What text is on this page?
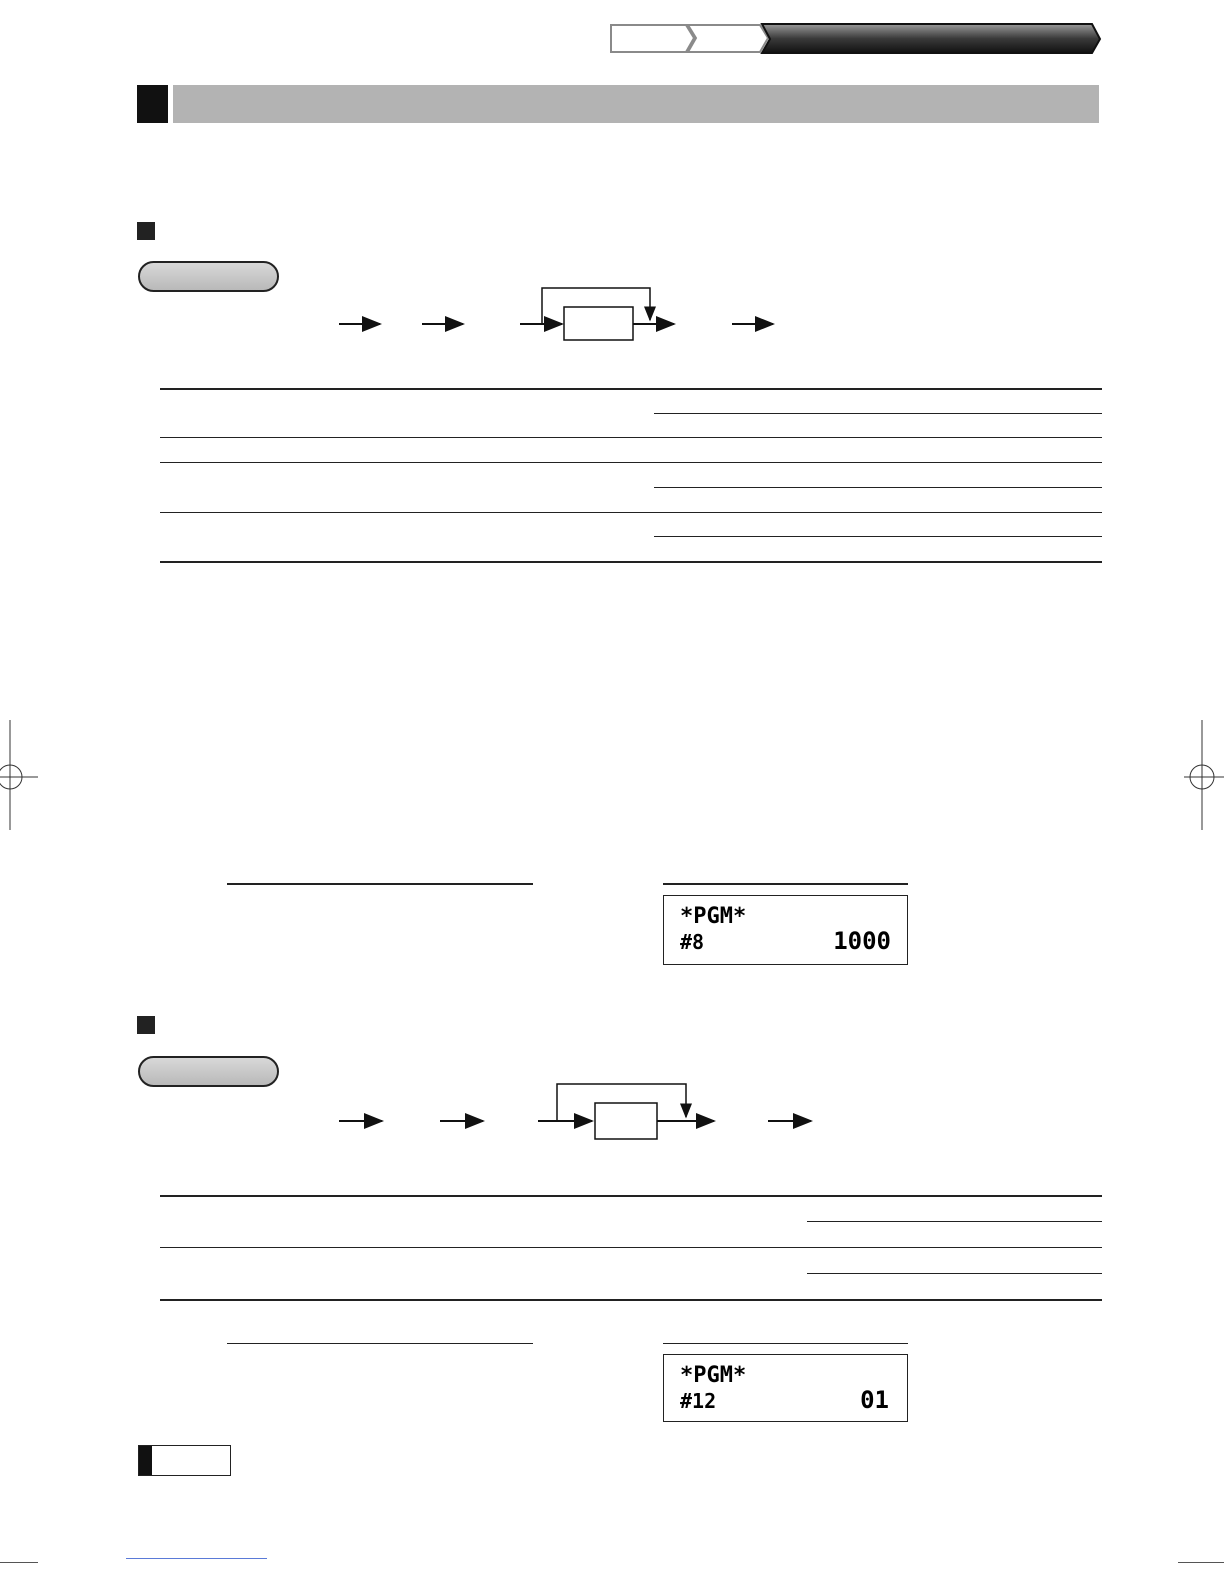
*PGM*
#8	1000
*PGM*
#12	01
